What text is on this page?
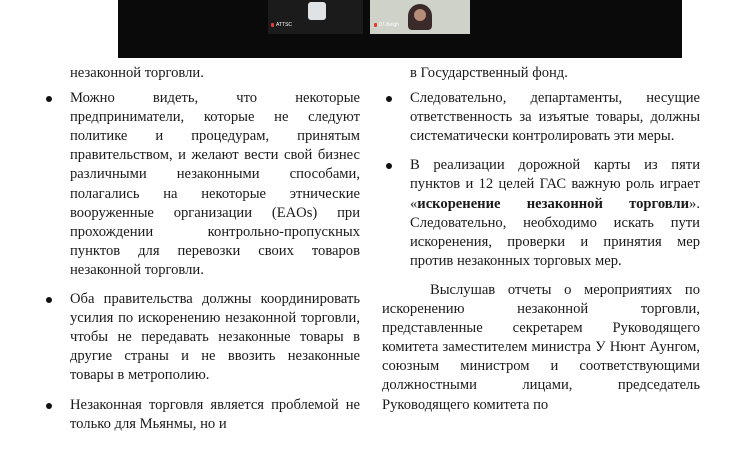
ATTSC	07-Beigh

незаконной торговли.

Можно видеть, что некоторые предприниматели, которые не следуют политике и процедурам, принятым правительством, и желают вести свой бизнес различными незаконными способами, полагались на некоторые этнические вооруженные организации (EAOs) при прохождении контрольно-пропускных пунктов для перевозки своих товаров незаконной торговли.
Оба правительства должны координировать усилия по искоренению незаконной торговли, чтобы не передавать незаконные товары в другие страны и не ввозить незаконные товары в метрополию.
Незаконная торговля является проблемой не только для Мьянмы, но и

в Государственный фонд.

Следовательно, департаменты, несущие ответственность за изъятые товары, должны систематически контролировать эти меры.
В реализации дорожной карты из пяти пунктов и 12 целей ГАС важную роль играет «искоренение незаконной торговли». Следовательно, необходимо искать пути искоренения, проверки и принятия мер против незаконных торговых мер.

Выслушав отчеты о мероприятиях по искоренению незаконной торговли, представленные секретарем Руководящего комитета заместителем министра У Нюнт Аунгом, союзным министром и соответствующими должностными лицами, председатель Руководящего комитета по
